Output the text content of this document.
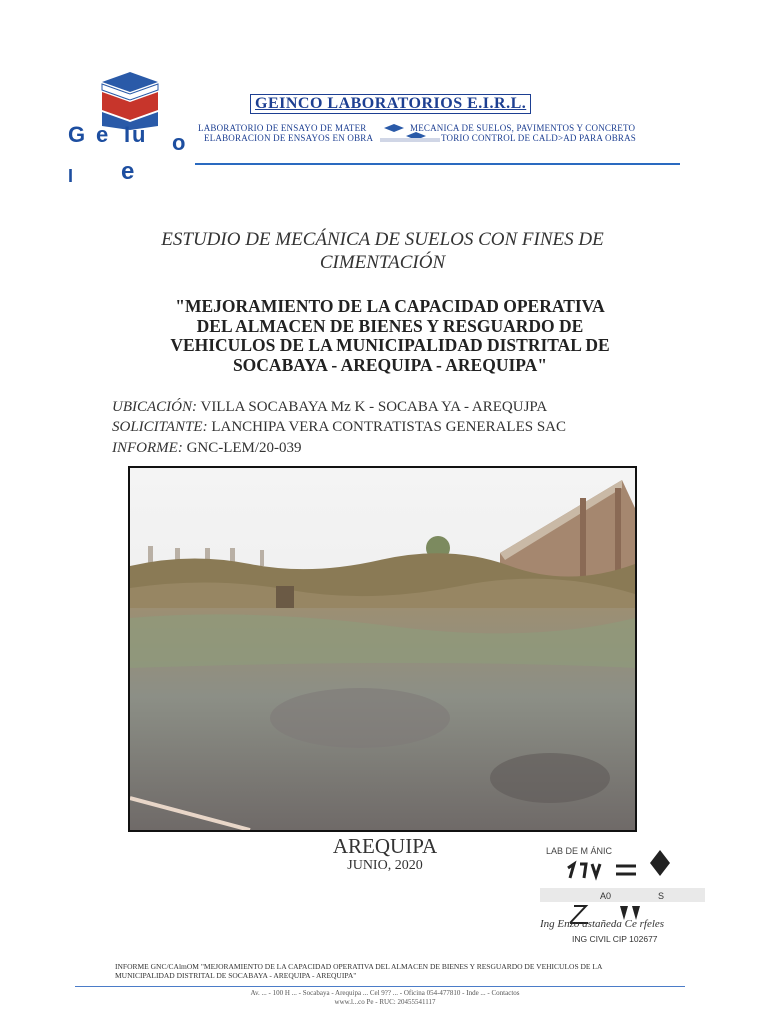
G e I u o
I e
GEINCO LABORATORIOS E.I.R.L.
LABORATORIO DE ENSAYO DE MATER	MECANICA DE SUELOS, PAVIMENTOS Y CONCRETO
ELABORACION DE ENSAYOS EN OBRA	TORIO CONTROL DE CALD>AD PARA OBRAS
ESTUDIO DE MECÁNICA DE SUELOS CON FINES DE
CIMENTACIÓN
"MEJORAMIENTO DE LA CAPACIDAD OPERATIVA
DEL ALMACEN DE BIENES Y RESGUARDO DE
VEHICULOS DE LA MUNICIPALIDAD DISTRITAL DE
SOCABAYA - AREQUIPA - AREQUIPA"
UBICACIÓN: VILLA SOCABAYA Mz K - SOCABA YA - AREQUJPA
SOLICITANTE: LANCHIPA VERA CONTRATISTAS GENERALES SAC
INFORME: GNC-LEM/20-039
AREQUIPA
JUNIO, 2020
LAB DE M ÁNIC
A0	S
Ing Enzo astañeda Ce rfeles
ING CIVIL CIP 102677
INFORME GNC/CAlmOM "MEJORAMIENTO DE LA CAPACIDAD OPERATIVA DEL ALMACEN DE BIENES Y RESGUARDO DE VEHICULOS DE LA MUNICIPALIDAD DISTRITAL DE SOCABAYA - AREQUIPA - AREQUIPA"
Av. ... - 100 H ... - Socabaya - Arequipa ... Cel 9?? ... - Oficina 054-477810 - Inde ... - Contactos
www.l...co Pe - RUC: 20455541117
